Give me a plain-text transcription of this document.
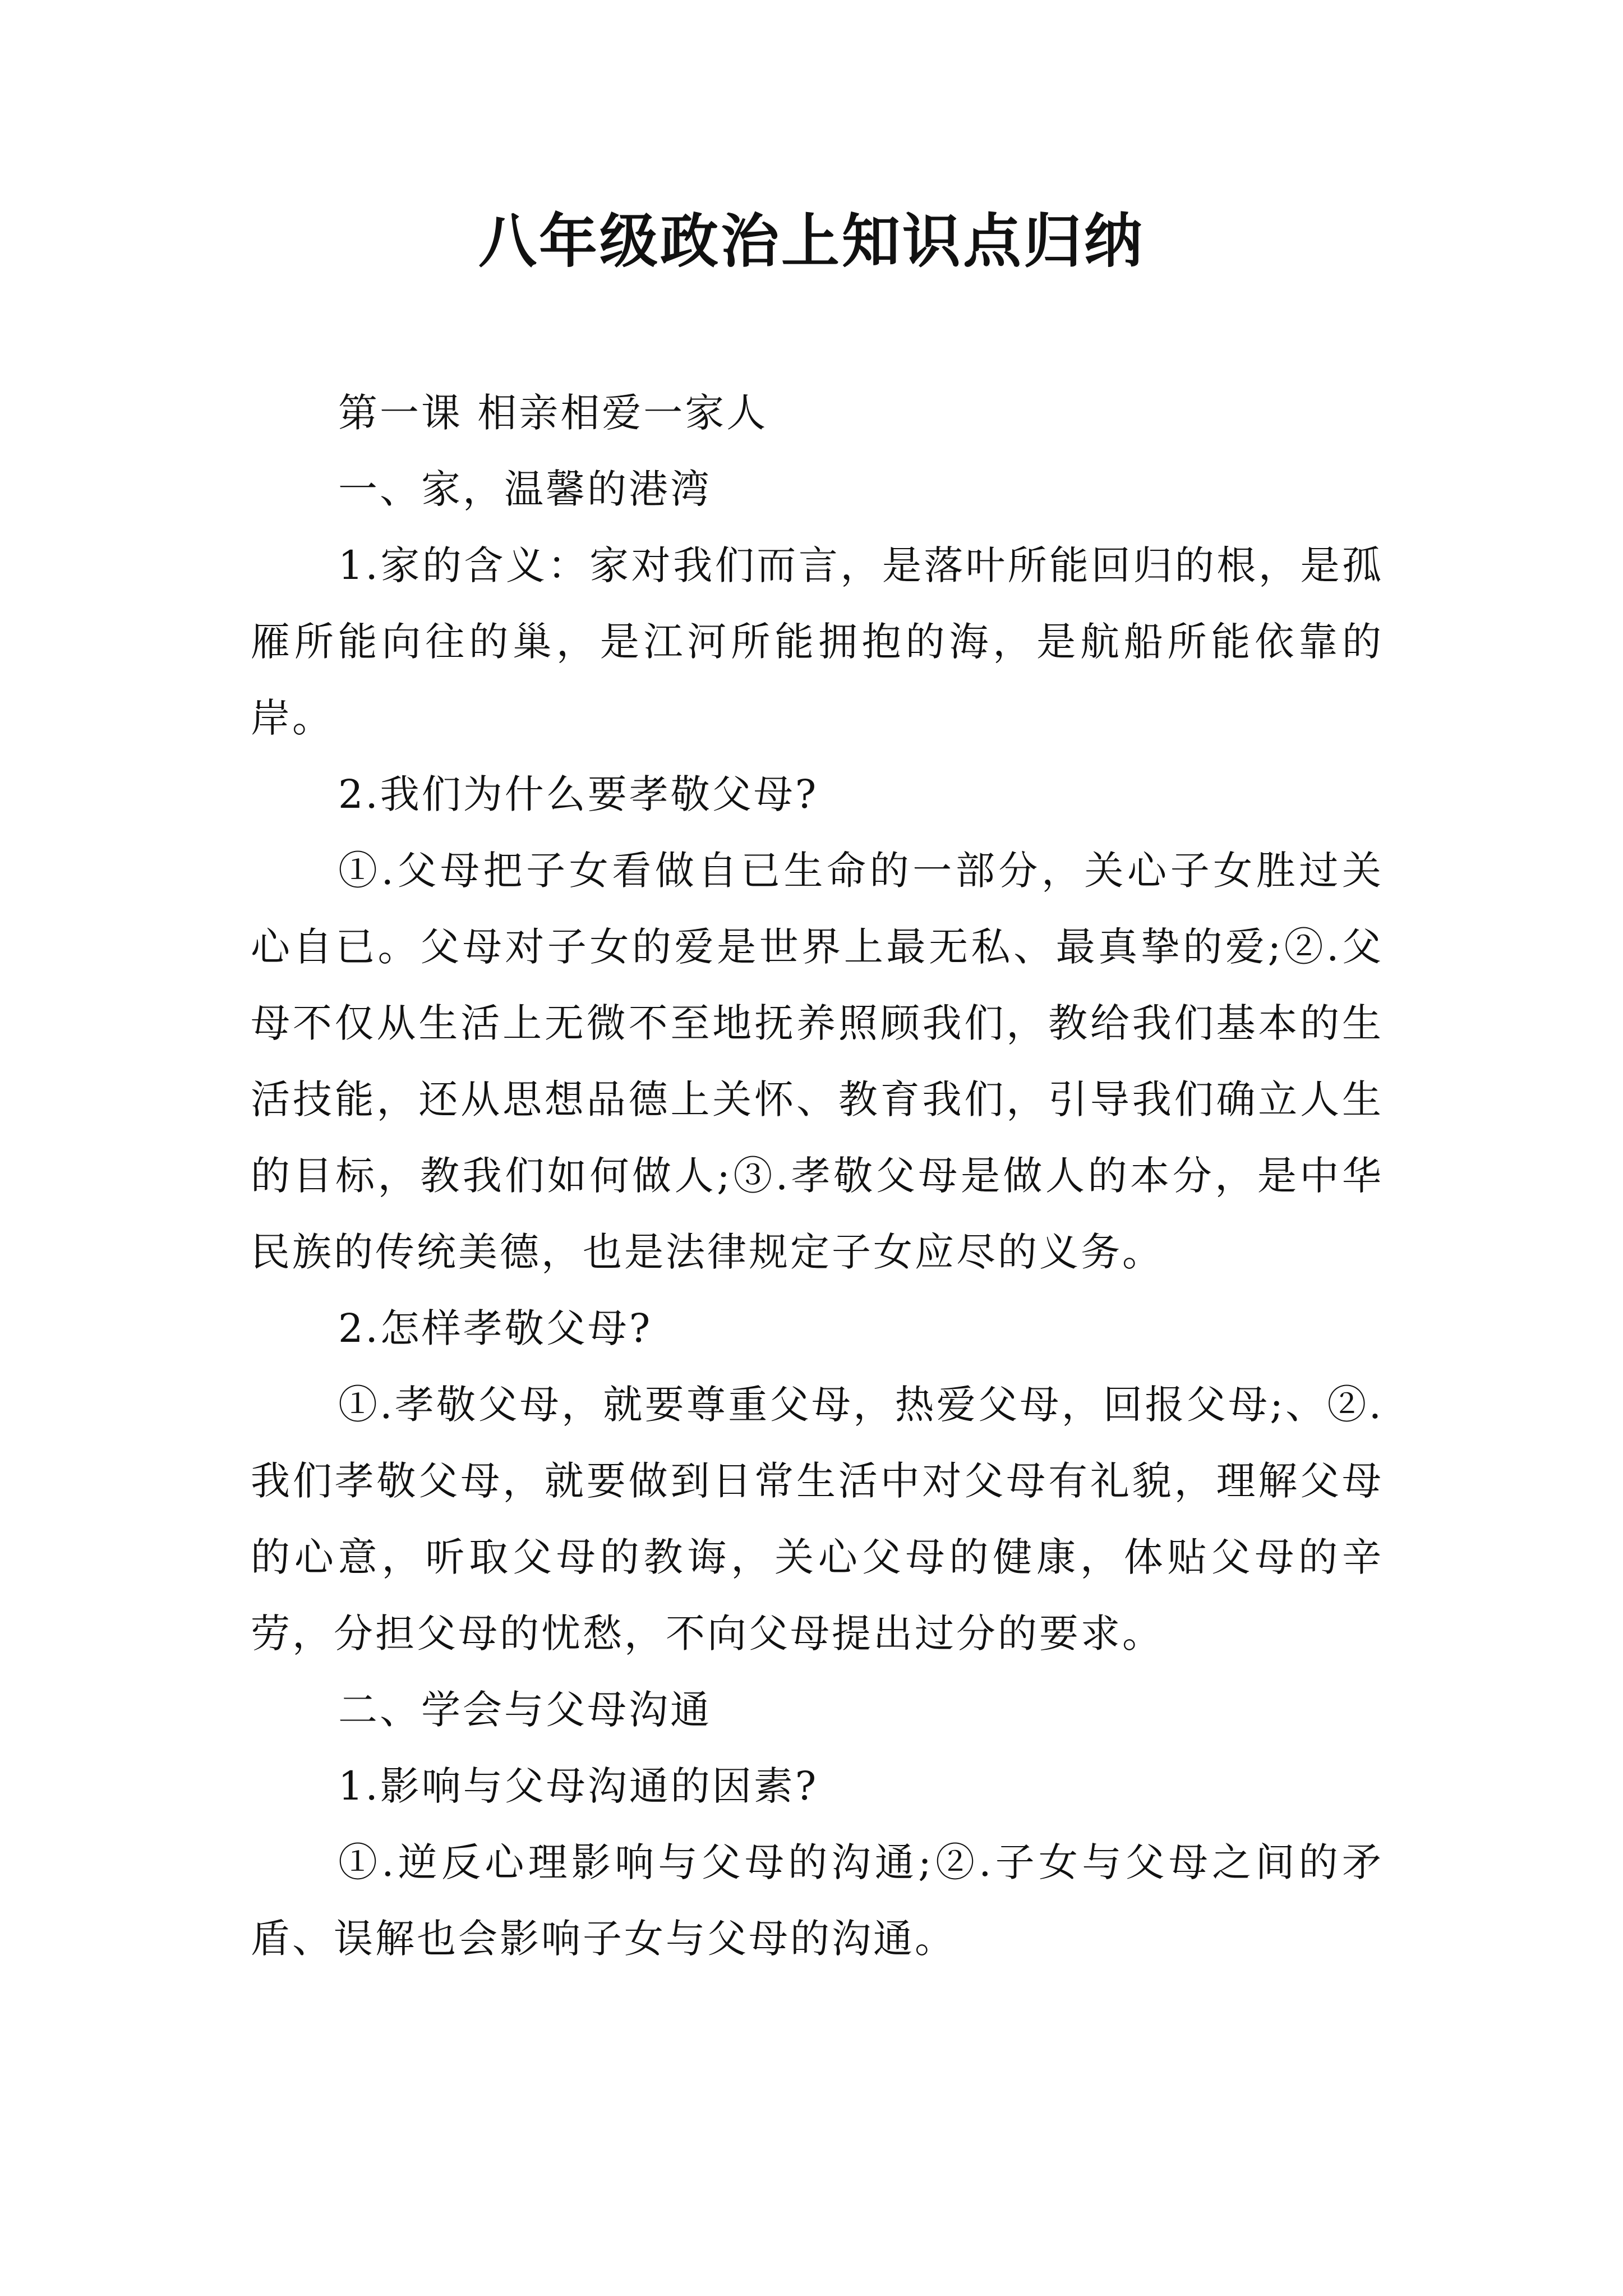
八年级政治上知识点归纳

第一课 相亲相爱一家人

一、家，温馨的港湾

1.家的含义：家对我们而言，是落叶所能回归的根，是孤雁所能向往的巢，是江河所能拥抱的海，是航船所能依靠的岸。

2.我们为什么要孝敬父母?

①.父母把子女看做自已生命的一部分，关心子女胜过关心自已。父母对子女的爱是世界上最无私、最真挚的爱;②.父母不仅从生活上无微不至地抚养照顾我们，教给我们基本的生活技能，还从思想品德上关怀、教育我们，引导我们确立人生的目标，教我们如何做人;③.孝敬父母是做人的本分，是中华民族的传统美德，也是法律规定子女应尽的义务。

2.怎样孝敬父母?

①.孝敬父母，就要尊重父母，热爱父母，回报父母;、②.我们孝敬父母，就要做到日常生活中对父母有礼貌，理解父母的心意，听取父母的教诲，关心父母的健康，体贴父母的辛劳，分担父母的忧愁，不向父母提出过分的要求。

二、学会与父母沟通

1.影响与父母沟通的因素?

①.逆反心理影响与父母的沟通;②.子女与父母之间的矛盾、误解也会影响子女与父母的沟通。
